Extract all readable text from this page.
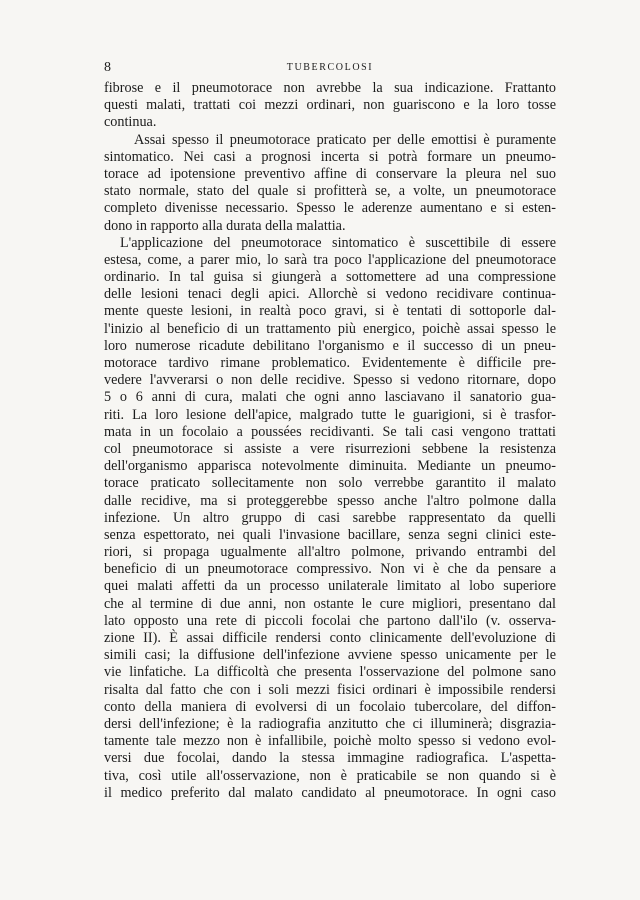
8	TUBERCOLOSI
fibrose e il pneumotorace non avrebbe la sua indicazione. Frattanto
questi malati, trattati coi mezzi ordinari, non guariscono e la loro tosse
continua.
Assai spesso il pneumotorace praticato per delle emottisi è puramente
sintomatico. Nei casi a prognosi incerta si potrà formare un pneumo-
torace ad ipotensione preventivo affine di conservare la pleura nel suo
stato normale, stato del quale si profitterà se, a volte, un pneumotorace
completo divenisse necessario. Spesso le aderenze aumentano e si esten-
dono in rapporto alla durata della malattia.
L'applicazione del pneumotorace sintomatico è suscettibile di essere
estesa, come, a parer mio, lo sarà tra poco l'applicazione del pneumotorace
ordinario. In tal guisa si giungerà a sottomettere ad una compressione
delle lesioni tenaci degli apici. Allorchè si vedono recidivare continua-
mente queste lesioni, in realtà poco gravi, si è tentati di sottoporle dal-
l'inizio al beneficio di un trattamento più energico, poichè assai spesso le
loro numerose ricadute debilitano l'organismo e il successo di un pneu-
motorace tardivo rimane problematico. Evidentemente è difficile pre-
vedere l'avverarsi o non delle recidive. Spesso si vedono ritornare, dopo
5 o 6 anni di cura, malati che ogni anno lasciavano il sanatorio gua-
riti. La loro lesione dell'apice, malgrado tutte le guarigioni, si è trasfor-
mata in un focolaio a poussées recidivanti. Se tali casi vengono trattati
col pneumotorace si assiste a vere risurrezioni sebbene la resistenza
dell'organismo apparisca notevolmente diminuita. Mediante un pneumo-
torace praticato sollecitamente non solo verrebbe garantito il malato
dalle recidive, ma si proteggerebbe spesso anche l'altro polmone dalla
infezione. Un altro gruppo di casi sarebbe rappresentato da quelli
senza espettorato, nei quali l'invasione bacillare, senza segni clinici este-
riori, si propaga ugualmente all'altro polmone, privando entrambi del
beneficio di un pneumotorace compressivo. Non vi è che da pensare a
quei malati affetti da un processo unilaterale limitato al lobo superiore
che al termine di due anni, non ostante le cure migliori, presentano dal
lato opposto una rete di piccoli focolai che partono dall'ilo (v. osserva-
zione II). È assai difficile rendersi conto clinicamente dell'evoluzione di
simili casi; la diffusione dell'infezione avviene spesso unicamente per le
vie linfatiche. La difficoltà che presenta l'osservazione del polmone sano
risalta dal fatto che con i soli mezzi fisici ordinari è impossibile rendersi
conto della maniera di evolversi di un focolaio tubercolare, del diffon-
dersi dell'infezione; è la radiografia anzitutto che ci illuminerà; disgrazia-
tamente tale mezzo non è infallibile, poichè molto spesso si vedono evol-
versi due focolai, dando la stessa immagine radiografica. L'aspetta-
tiva, così utile all'osservazione, non è praticabile se non quando si è
il medico preferito dal malato candidato al pneumotorace. In ogni caso
